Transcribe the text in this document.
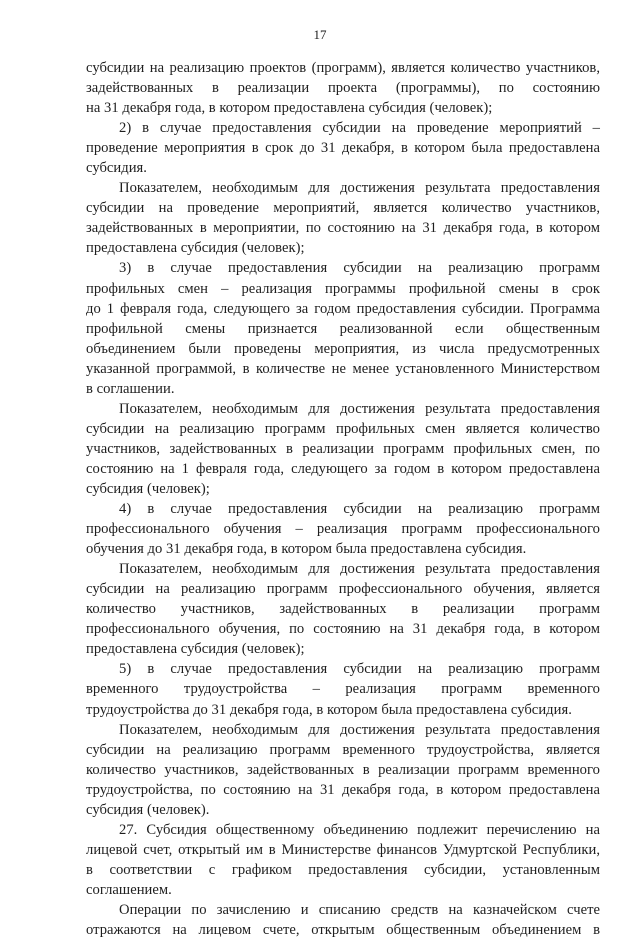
17
субсидии на реализацию проектов (программ), является количество участников,
задействованных в реализации проекта (программы), по состоянию
на 31 декабря года, в котором предоставлена субсидия (человек);
2) в случае предоставления субсидии на проведение мероприятий –
проведение мероприятия в срок до 31 декабря, в котором была предоставлена
субсидия.
Показателем, необходимым для достижения результата предоставления
субсидии на проведение мероприятий, является количество участников,
задействованных в мероприятии, по состоянию на 31 декабря года, в котором
предоставлена субсидия (человек);
3) в случае предоставления субсидии на реализацию программ
профильных смен – реализация программы профильной смены в срок
до 1 февраля года, следующего за годом предоставления субсидии. Программа
профильной смены признается реализованной если общественным
объединением были проведены мероприятия, из числа предусмотренных
указанной программой, в количестве не менее установленного Министерством
в соглашении.
Показателем, необходимым для достижения результата предоставления
субсидии на реализацию программ профильных смен является количество
участников, задействованных в реализации программ профильных смен, по
состоянию на 1 февраля года, следующего за годом в котором предоставлена
субсидия (человек);
4) в случае предоставления субсидии на реализацию программ
профессионального обучения – реализация программ профессионального
обучения до 31 декабря года, в котором была предоставлена субсидия.
Показателем, необходимым для достижения результата предоставления
субсидии на реализацию программ профессионального обучения, является
количество участников, задействованных в реализации программ
профессионального обучения, по состоянию на 31 декабря года, в котором
предоставлена субсидия (человек);
5) в случае предоставления субсидии на реализацию программ
временного трудоустройства – реализация программ временного
трудоустройства до 31 декабря года, в котором была предоставлена субсидия.
Показателем, необходимым для достижения результата предоставления
субсидии на реализацию программ временного трудоустройства, является
количество участников, задействованных в реализации программ временного
трудоустройства, по состоянию на 31 декабря года, в котором предоставлена
субсидия (человек).
27. Субсидия общественному объединению подлежит перечислению на
лицевой счет, открытый им в Министерстве финансов Удмуртской Республики,
в соответствии с графиком предоставления субсидии, установленным
соглашением.
Операции по зачислению и списанию средств на казначейском счете
отражаются на лицевом счете, открытым общественным объединением в
